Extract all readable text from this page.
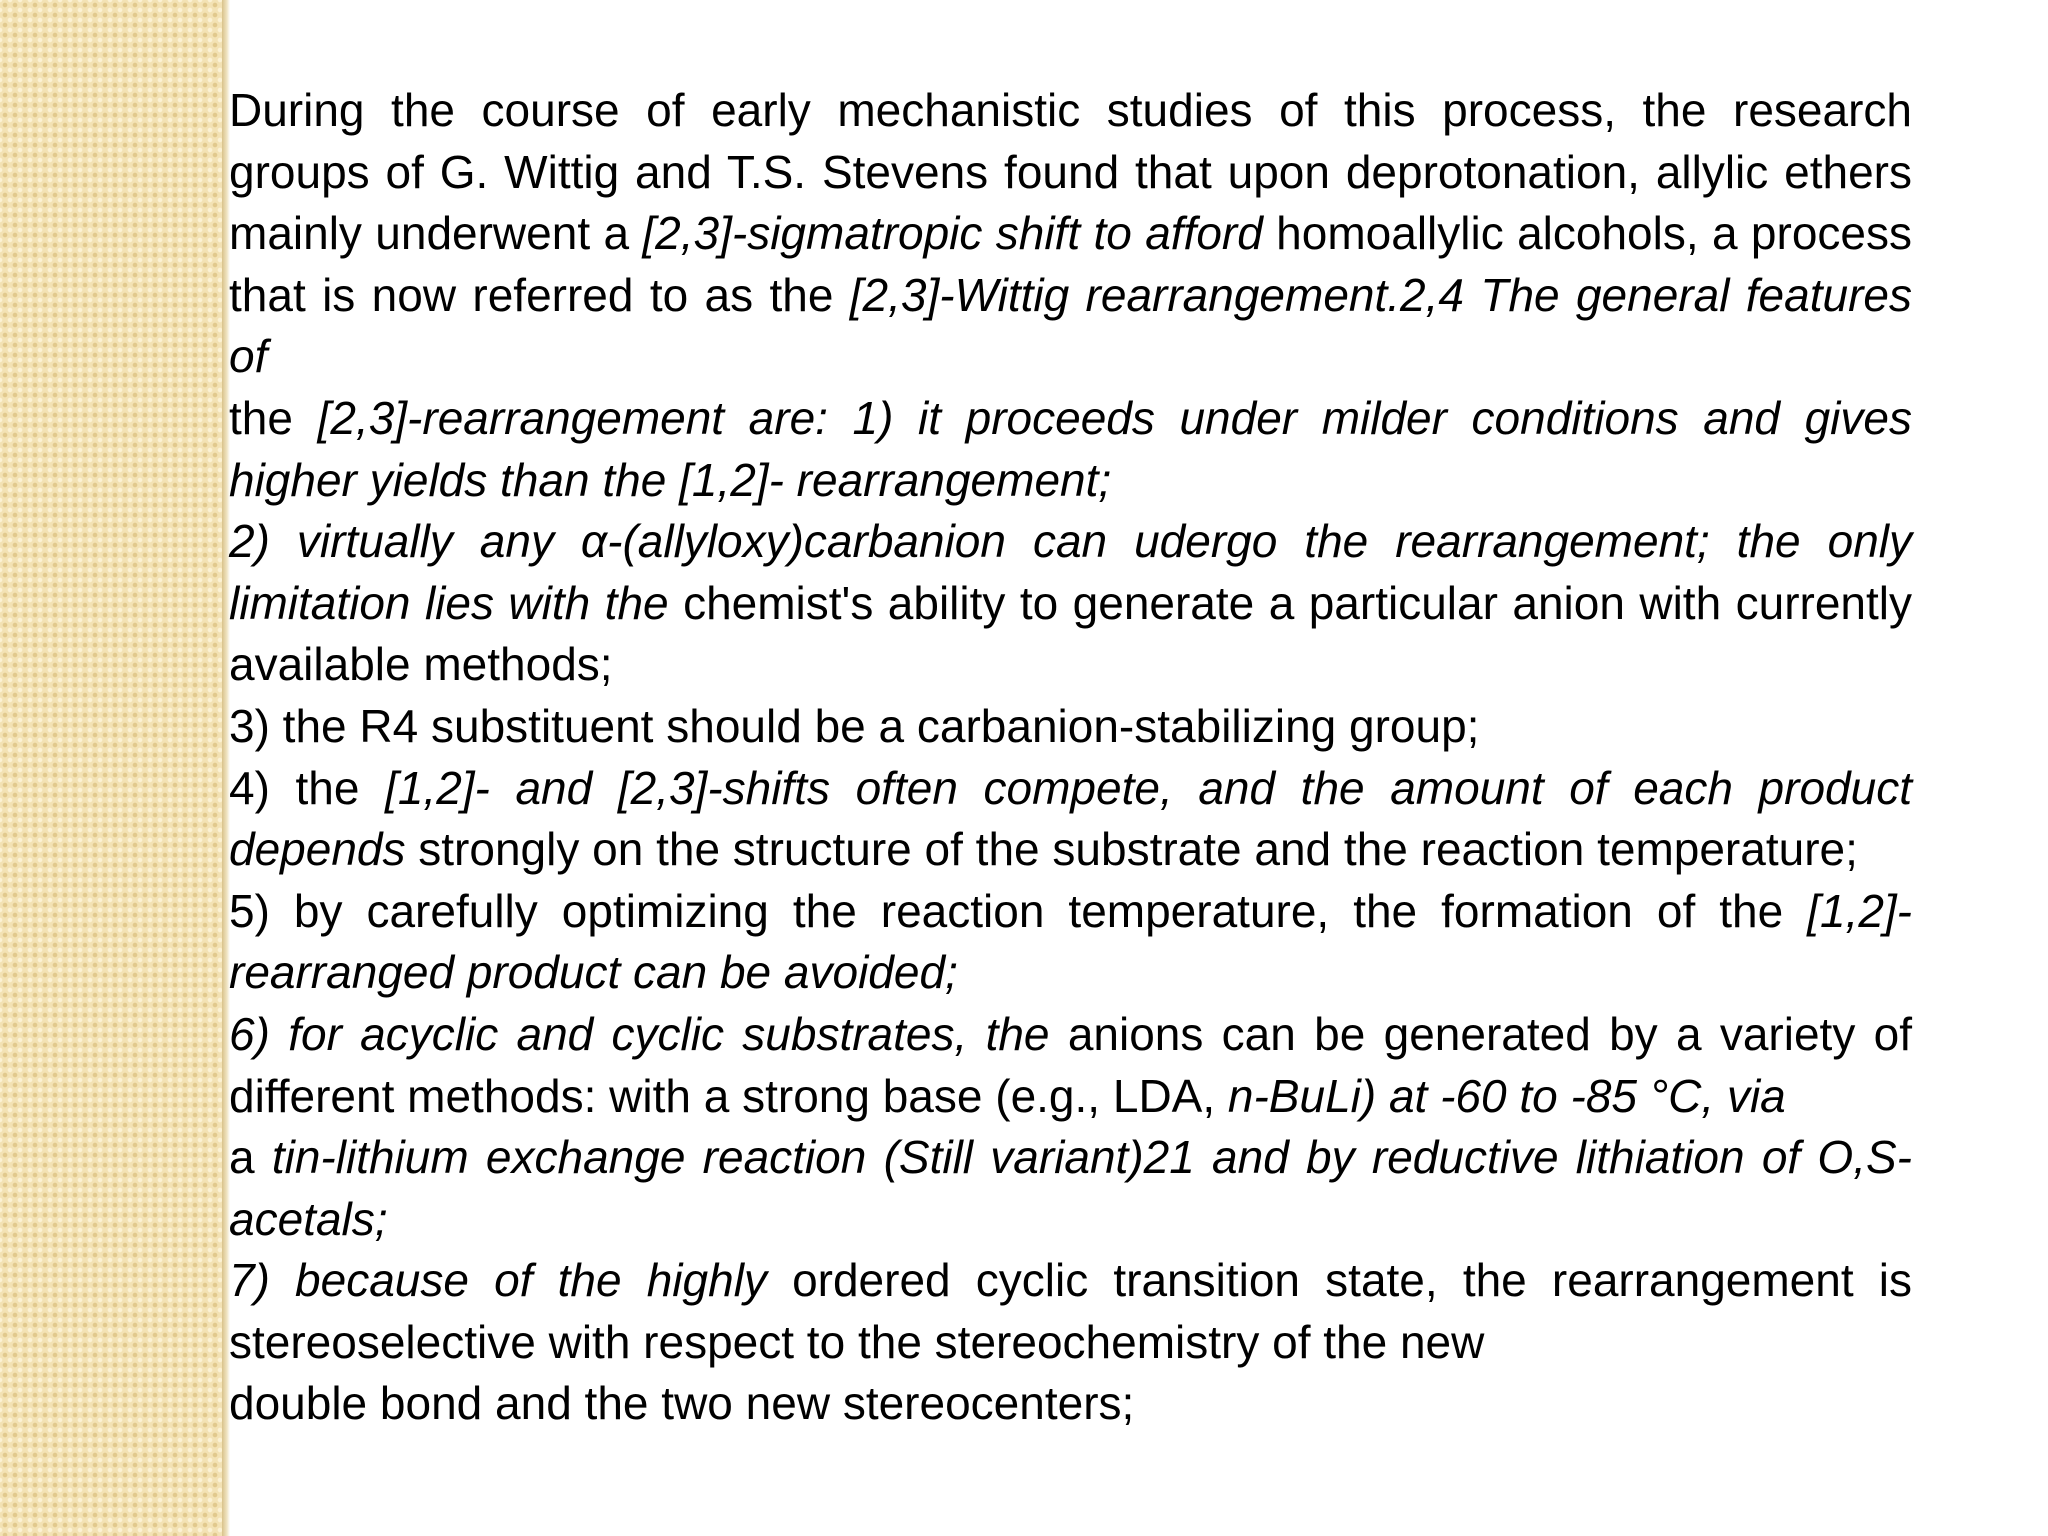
During the course of early mechanistic studies of this process, the research groups of G. Wittig and T.S. Stevens found that upon deprotonation, allylic ethers mainly underwent a [2,3]-sigmatropic shift to afford homoallylic alcohols, a process that is now referred to as the [2,3]-Wittig rearrangement.2,4 The general features of

the [2,3]-rearrangement are: 1) it proceeds under milder conditions and gives higher yields than the [1,2]- rearrangement;

2) virtually any α-(allyloxy)carbanion can udergo the rearrangement; the only limitation lies with the chemist's ability to generate a particular anion with currently available methods;

3) the R4 substituent should be a carbanion-stabilizing group;

4) the [1,2]- and [2,3]-shifts often compete, and the amount of each product depends strongly on the structure of the substrate and the reaction temperature;

5) by carefully optimizing the reaction temperature, the formation of the [1,2]-rearranged product can be avoided;

6) for acyclic and cyclic substrates, the anions can be generated by a variety of different methods: with a strong base (e.g., LDA, n-BuLi) at -60 to -85 °C, via

a tin-lithium exchange reaction (Still variant)21 and by reductive lithiation of O,S-acetals;

7) because of the highly ordered cyclic transition state, the rearrangement is stereoselective with respect to the stereochemistry of the new

double bond and the two new stereocenters;
